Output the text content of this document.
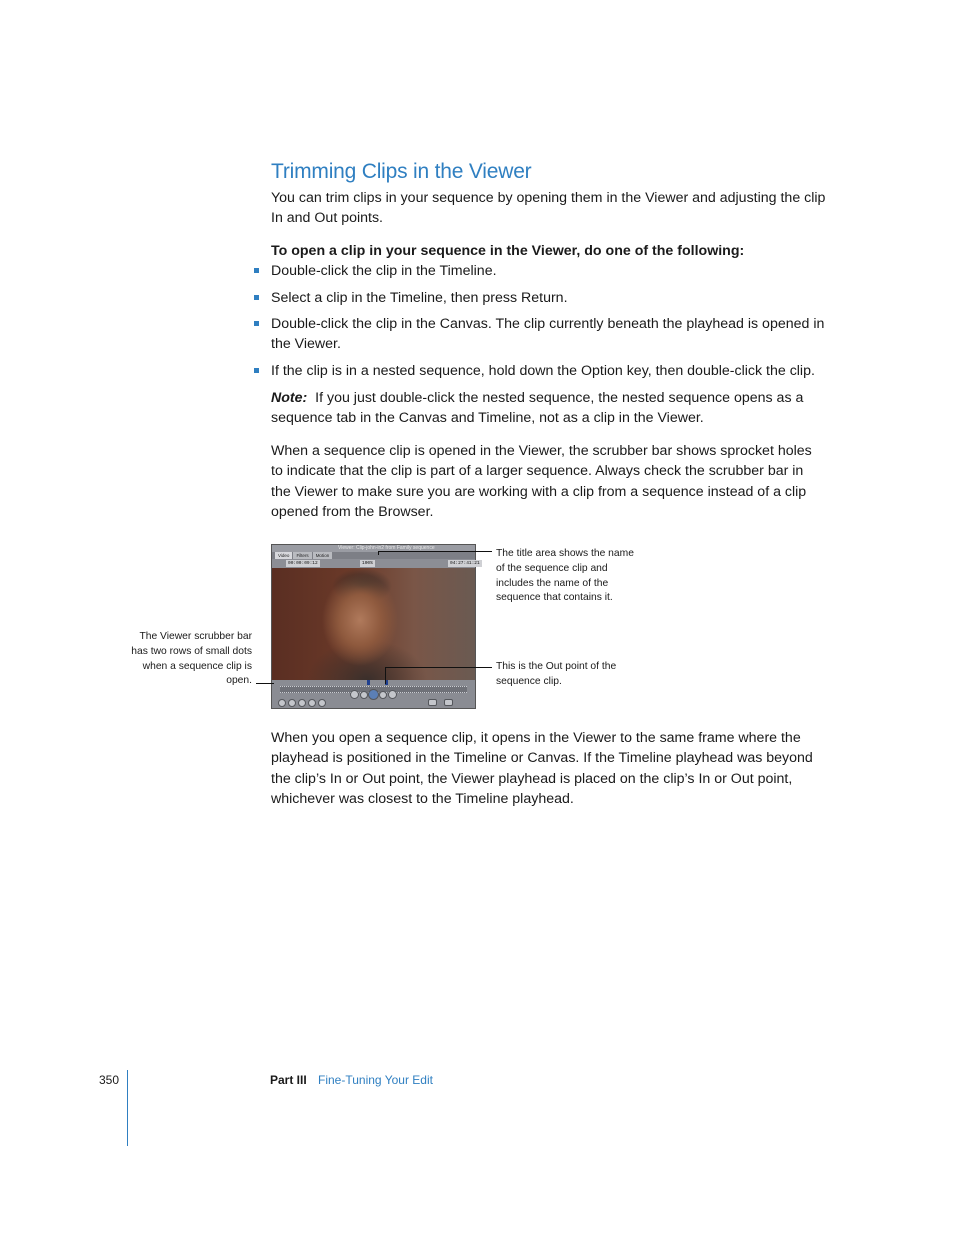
Trimming Clips in the Viewer

You can trim clips in your sequence by opening them in the Viewer and adjusting the clip In and Out points.

To open a clip in your sequence in the Viewer, do one of the following:

Double-click the clip in the Timeline.
Select a clip in the Timeline, then press Return.
Double-click the clip in the Canvas. The clip currently beneath the playhead is opened in the Viewer.
If the clip is in a nested sequence, hold down the Option key, then double-click the clip.

Note: If you just double-click the nested sequence, the nested sequence opens as a sequence tab in the Canvas and Timeline, not as a clip in the Viewer.

When a sequence clip is opened in the Viewer, the scrubber bar shows sprocket holes to indicate that the clip is part of a larger sequence. Always check the scrubber bar in the Viewer to make sure you are working with a clip from a sequence instead of a clip opened from the Browser.

Viewer: Clip-john-in2 from Family sequence
Video Filters Motion
00:00:09:12	100%	04:27:41:21
The title area shows the name of the sequence clip and includes the name of the sequence that contains it.
This is the Out point of the sequence clip.
The Viewer scrubber bar has two rows of small dots when a sequence clip is open.

When you open a sequence clip, it opens in the Viewer to the same frame where the playhead is positioned in the Timeline or Canvas. If the Timeline playhead was beyond the clip’s In or Out point, the Viewer playhead is placed on the clip’s In or Out point, whichever was closest to the Timeline playhead.

350	Part III Fine-Tuning Your Edit
